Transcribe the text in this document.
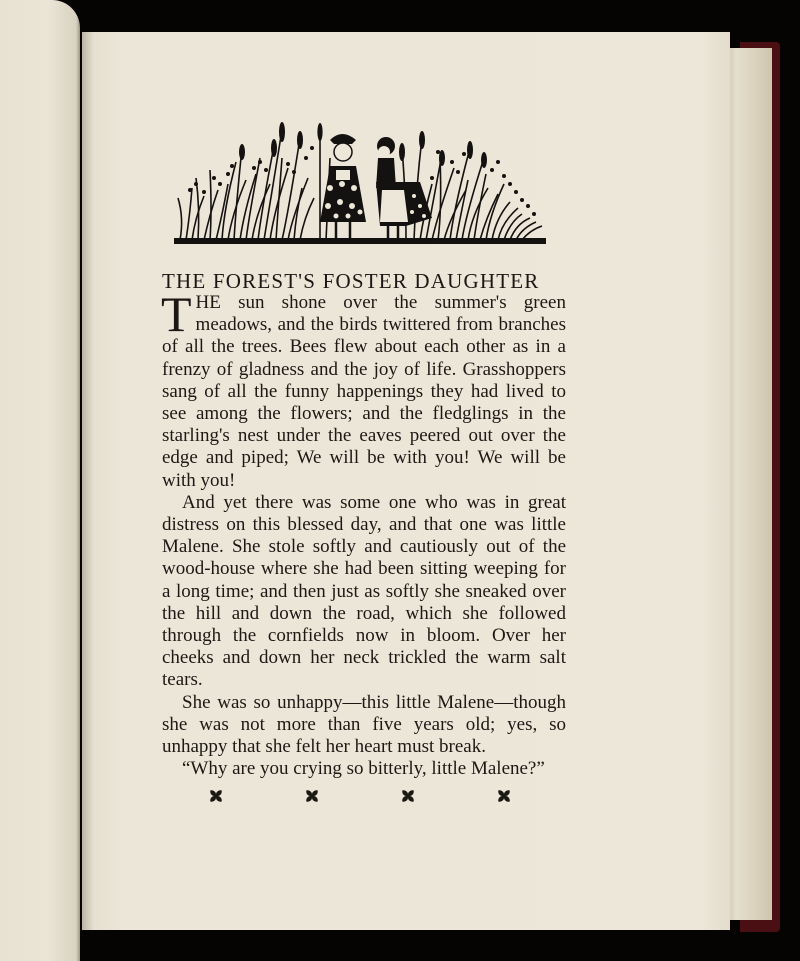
THE FOREST'S FOSTER DAUGHTER

THE sun shone over the summer's green meadows, and the birds twittered from branches of all the trees. Bees flew about each other as in a frenzy of gladness and the joy of life. Grasshoppers sang of all the funny happenings they had lived to see among the flowers; and the fledglings in the starling's nest under the eaves peered out over the edge and piped; We will be with you! We will be with you!

And yet there was some one who was in great distress on this blessed day, and that one was little Malene. She stole softly and cautiously out of the wood-house where she had been sitting weeping for a long time; and then just as softly she sneaked over the hill and down the road, which she followed through the cornfields now in bloom. Over her cheeks and down her neck trickled the warm salt tears.

She was so unhappy—this little Malene—though she was not more than five years old; yes, so unhappy that she felt her heart must break.

“Why are you crying so bitterly, little Malene?”
